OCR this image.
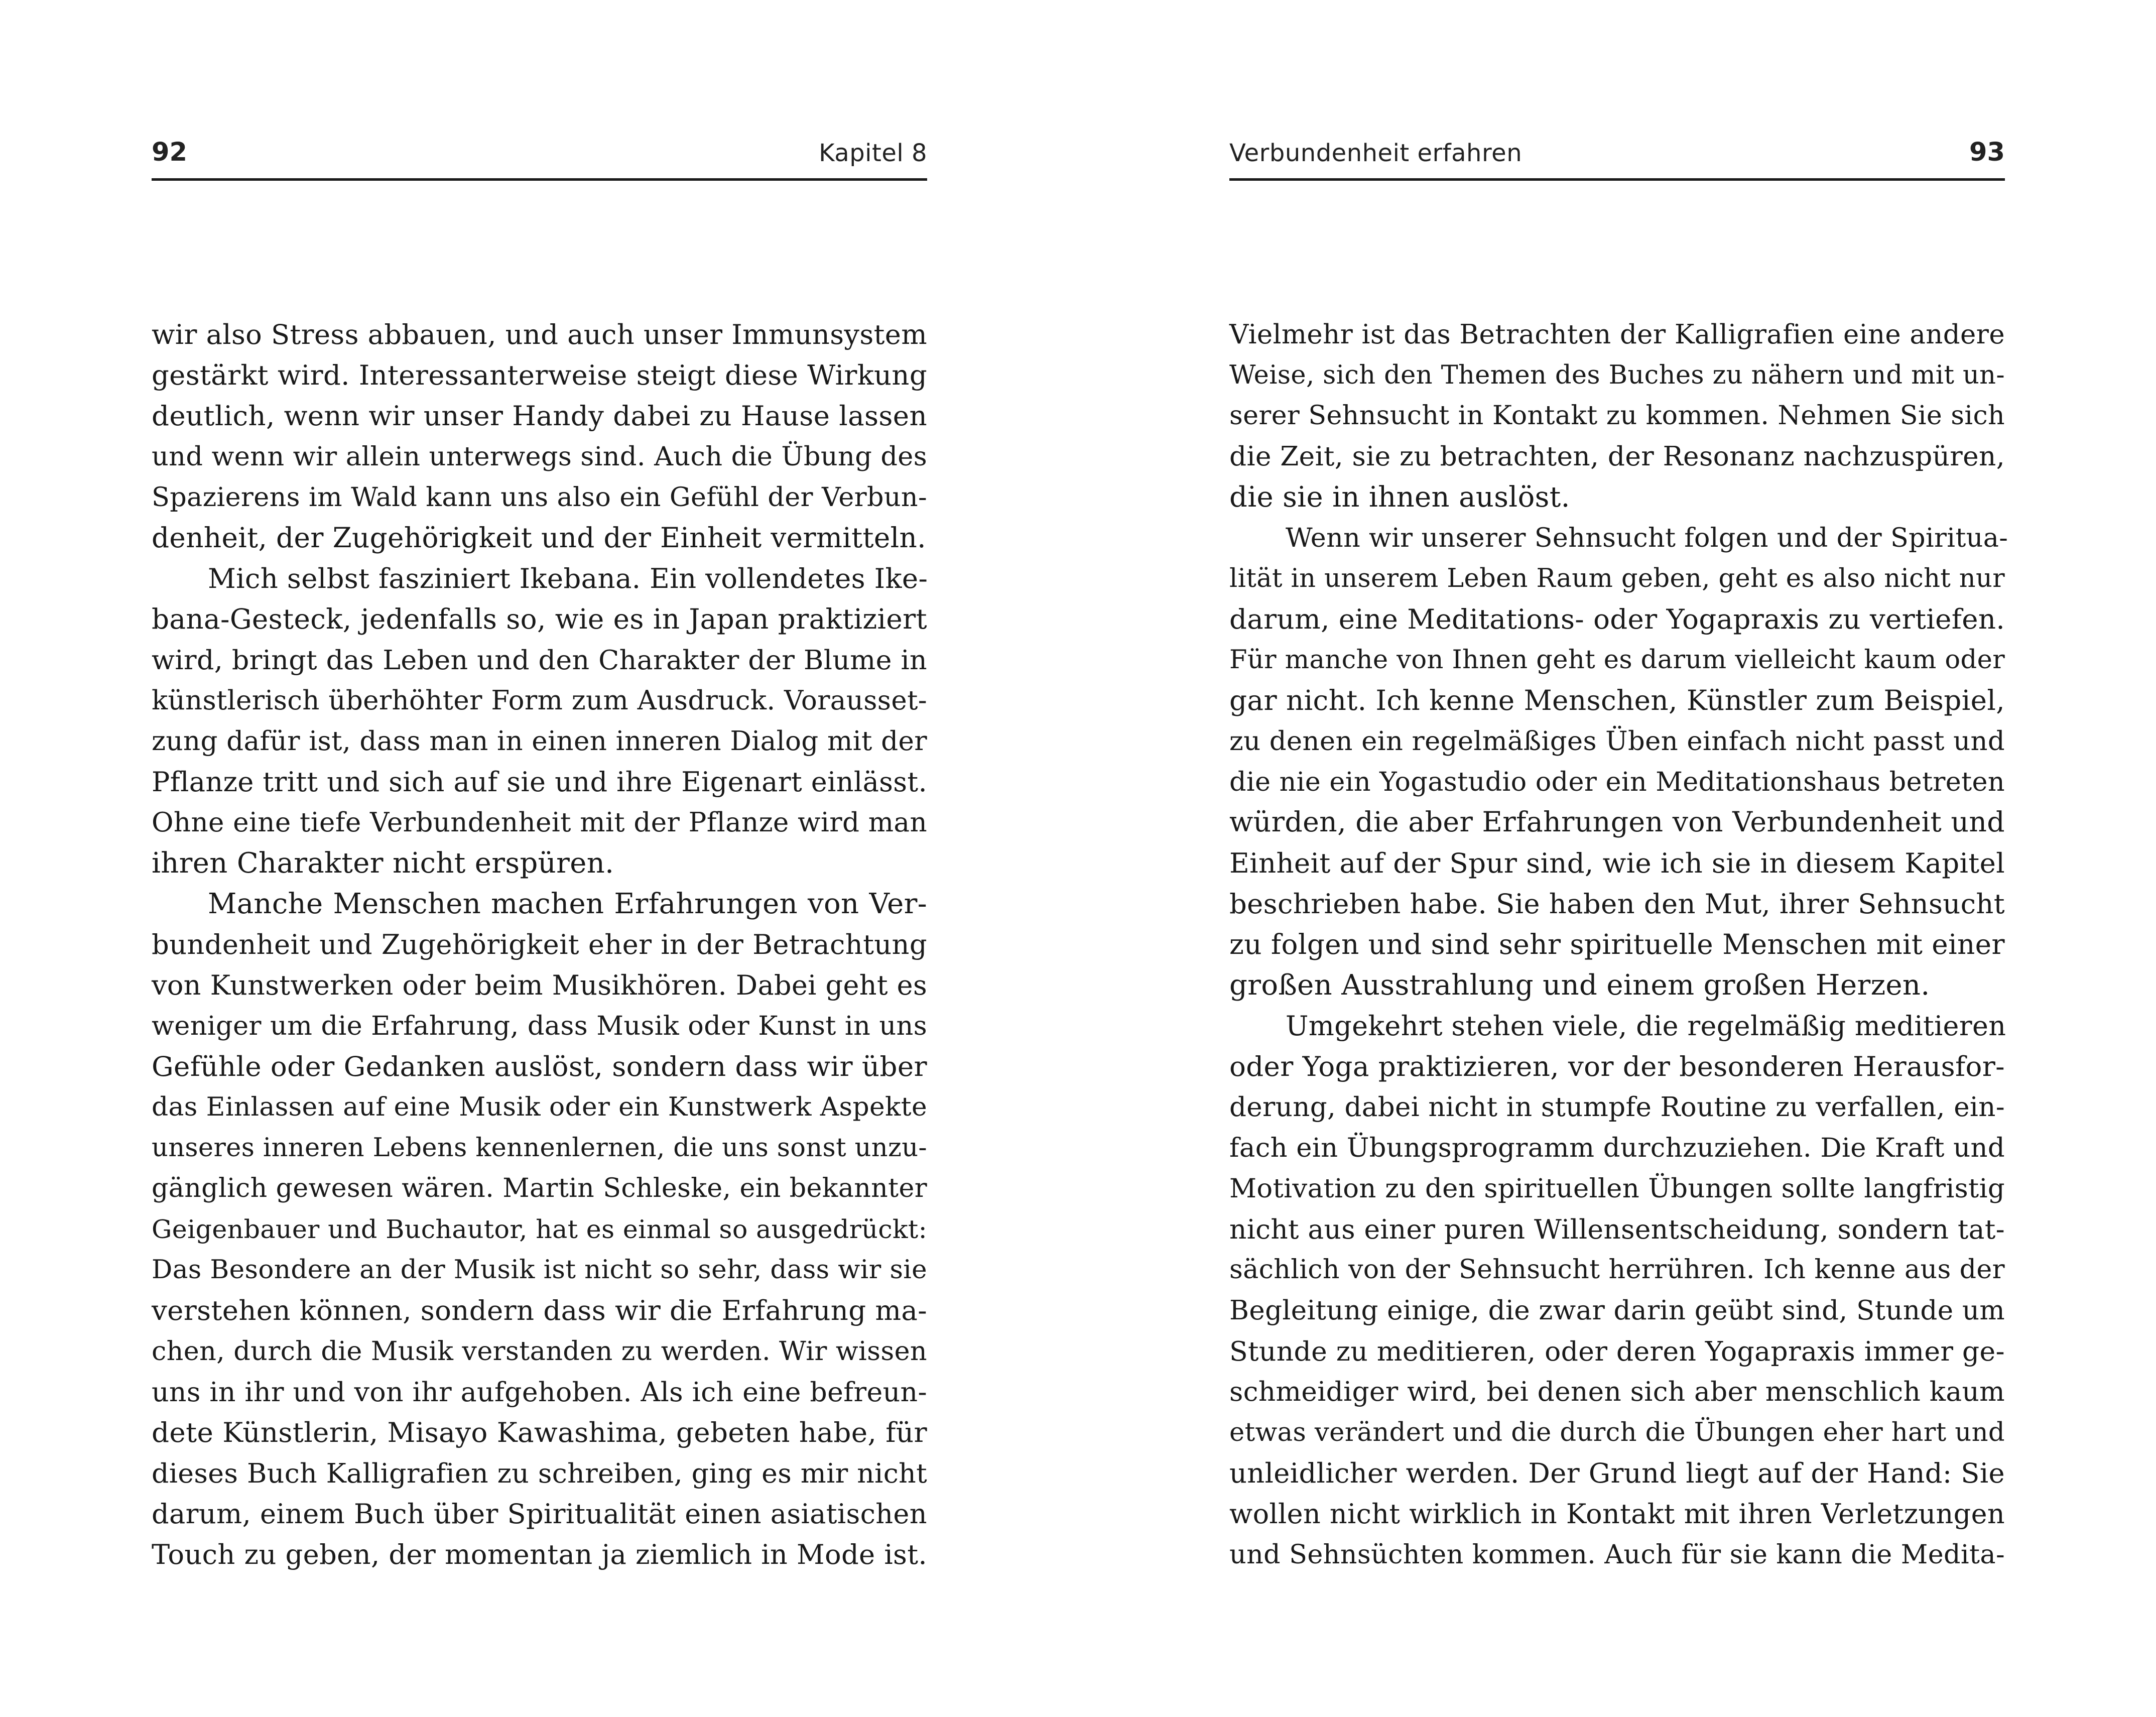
92	Kapitel 8
wir also Stress abbauen, und auch unser Immunsystem
gestärkt wird. Interessanterweise steigt diese Wirkung
deutlich, wenn wir unser Handy dabei zu Hause lassen
und wenn wir allein unterwegs sind. Auch die Übung des
Spazierens im Wald kann uns also ein Gefühl der Verbun-
denheit, der Zugehörigkeit und der Einheit vermitteln.
Mich selbst fasziniert Ikebana. Ein vollendetes Ike-
bana-Gesteck, jedenfalls so, wie es in Japan praktiziert
wird, bringt das Leben und den Charakter der Blume in
künstlerisch überhöhter Form zum Ausdruck. Vorausset-
zung dafür ist, dass man in einen inneren Dialog mit der
Pflanze tritt und sich auf sie und ihre Eigenart einlässt.
Ohne eine tiefe Verbundenheit mit der Pflanze wird man
ihren Charakter nicht erspüren.
Manche Menschen machen Erfahrungen von Ver-
bundenheit und Zugehörigkeit eher in der Betrachtung
von Kunstwerken oder beim Musikhören. Dabei geht es
weniger um die Erfahrung, dass Musik oder Kunst in uns
Gefühle oder Gedanken auslöst, sondern dass wir über
das Einlassen auf eine Musik oder ein Kunstwerk Aspekte
unseres inneren Lebens kennenlernen, die uns sonst unzu-
gänglich gewesen wären. Martin Schleske, ein bekannter
Geigenbauer und Buchautor, hat es einmal so ausgedrückt:
Das Besondere an der Musik ist nicht so sehr, dass wir sie
verstehen können, sondern dass wir die Erfahrung ma-
chen, durch die Musik verstanden zu werden. Wir wissen
uns in ihr und von ihr aufgehoben. Als ich eine befreun-
dete Künstlerin, Misayo Kawashima, gebeten habe, für
dieses Buch Kalligrafien zu schreiben, ging es mir nicht
darum, einem Buch über Spiritualität einen asiatischen
Touch zu geben, der momentan ja ziemlich in Mode ist.
Verbundenheit erfahren	93
Vielmehr ist das Betrachten der Kalligrafien eine andere
Weise, sich den Themen des Buches zu nähern und mit un-
serer Sehnsucht in Kontakt zu kommen. Nehmen Sie sich
die Zeit, sie zu betrachten, der Resonanz nachzuspüren,
die sie in ihnen auslöst.
Wenn wir unserer Sehnsucht folgen und der Spiritua-
lität in unserem Leben Raum geben, geht es also nicht nur
darum, eine Meditations- oder Yogapraxis zu vertiefen.
Für manche von Ihnen geht es darum vielleicht kaum oder
gar nicht. Ich kenne Menschen, Künstler zum Beispiel,
zu denen ein regelmäßiges Üben einfach nicht passt und
die nie ein Yogastudio oder ein Meditationshaus betreten
würden, die aber Erfahrungen von Verbundenheit und
Einheit auf der Spur sind, wie ich sie in diesem Kapitel
beschrieben habe. Sie haben den Mut, ihrer Sehnsucht
zu folgen und sind sehr spirituelle Menschen mit einer
großen Ausstrahlung und einem großen Herzen.
Umgekehrt stehen viele, die regelmäßig meditieren
oder Yoga praktizieren, vor der besonderen Herausfor-
derung, dabei nicht in stumpfe Routine zu verfallen, ein-
fach ein Übungsprogramm durchzuziehen. Die Kraft und
Motivation zu den spirituellen Übungen sollte langfristig
nicht aus einer puren Willensentscheidung, sondern tat-
sächlich von der Sehnsucht herrühren. Ich kenne aus der
Begleitung einige, die zwar darin geübt sind, Stunde um
Stunde zu meditieren, oder deren Yogapraxis immer ge-
schmeidiger wird, bei denen sich aber menschlich kaum
etwas verändert und die durch die Übungen eher hart und
unleidlicher werden. Der Grund liegt auf der Hand: Sie
wollen nicht wirklich in Kontakt mit ihren Verletzungen
und Sehnsüchten kommen. Auch für sie kann die Medita-
